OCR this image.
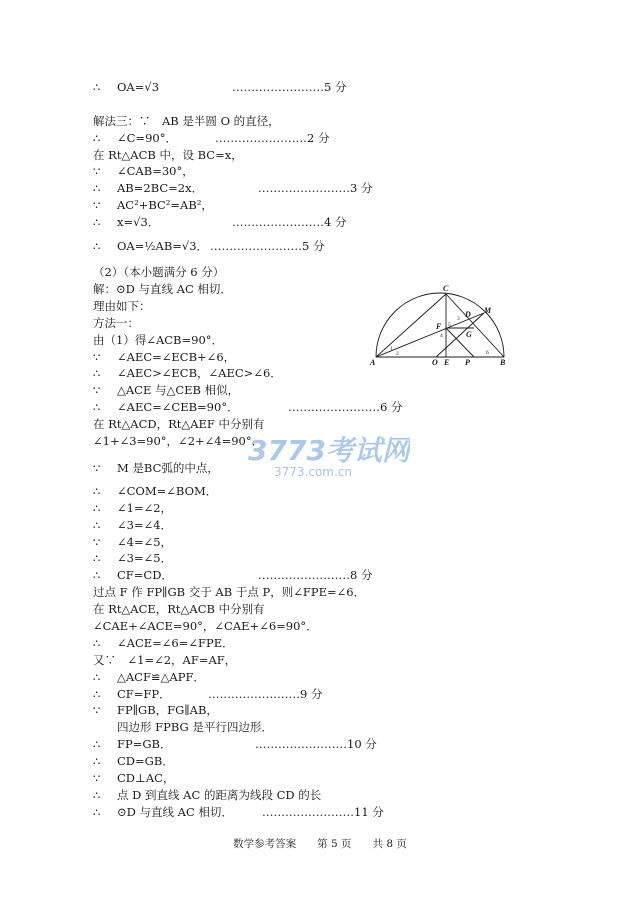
∴ OA=√3
解法三：∵　AB 是半圆 O 的直径，
∴ ∠C=90°．
在 Rt△ACB 中，设 BC=x，
∵ ∠CAB=30°，
∴ AB=2BC=2x．
∵ AC²+BC²=AB²，
∴ x=√3．
∴ OA=½AB=√3．
（2）（本小题满分 6 分）
解：⊙D 与直线 AC 相切．
理由如下：
方法一：
由（1）得∠ACB=90°．
∵ ∠AEC=∠ECB+∠6，
∴ ∠AEC>∠ECB，∠AEC>∠6．
∵ △ACE 与△CEB 相似，
∴ ∠AEC=∠CEB=90°．
在 Rt△ACD，Rt△AEF 中分别有
∠1+∠3=90°，∠2+∠4=90°．
∵ M 是BC弧的中点，
∴ ∠COM=∠BOM．
∴ ∠1=∠2，
∴ ∠3=∠4．
∵ ∠4=∠5，
∴ ∠3=∠5．
∴ CF=CD．
过点 F 作 FP∥GB 交于 AB 于点 P，则∠FPE=∠6．
在 Rt△ACE，Rt△ACB 中分别有
∠CAE+∠ACE=90°，∠CAE+∠6=90°．
∴ ∠ACE=∠6=∠FPE．
又∵　∠1=∠2，AF=AF，
∴ △ACF≌△APF．
∴ CF=FP．
∵ FP∥GB，FG∥AB，
四边形 FPBG 是平行四边形．
∴ FP=GB．
∴ CD=GB．
∵ CD⊥AC，
∴ 点 D 到直线 AC 的距离为线段 CD 的长
∴ ⊙D 与直线 AC 相切．
……………………5 分
……………………2 分
……………………3 分
……………………4 分
……………………5 分
……………………6 分
……………………8 分
……………………9 分
……………………10 分
……………………11 分
C
D M
F
G
A	O E P	B
1
2
3
4
5
6
3773考试网
3773.com.cn
数学参考答案　　第 5 页　　共 8 页
